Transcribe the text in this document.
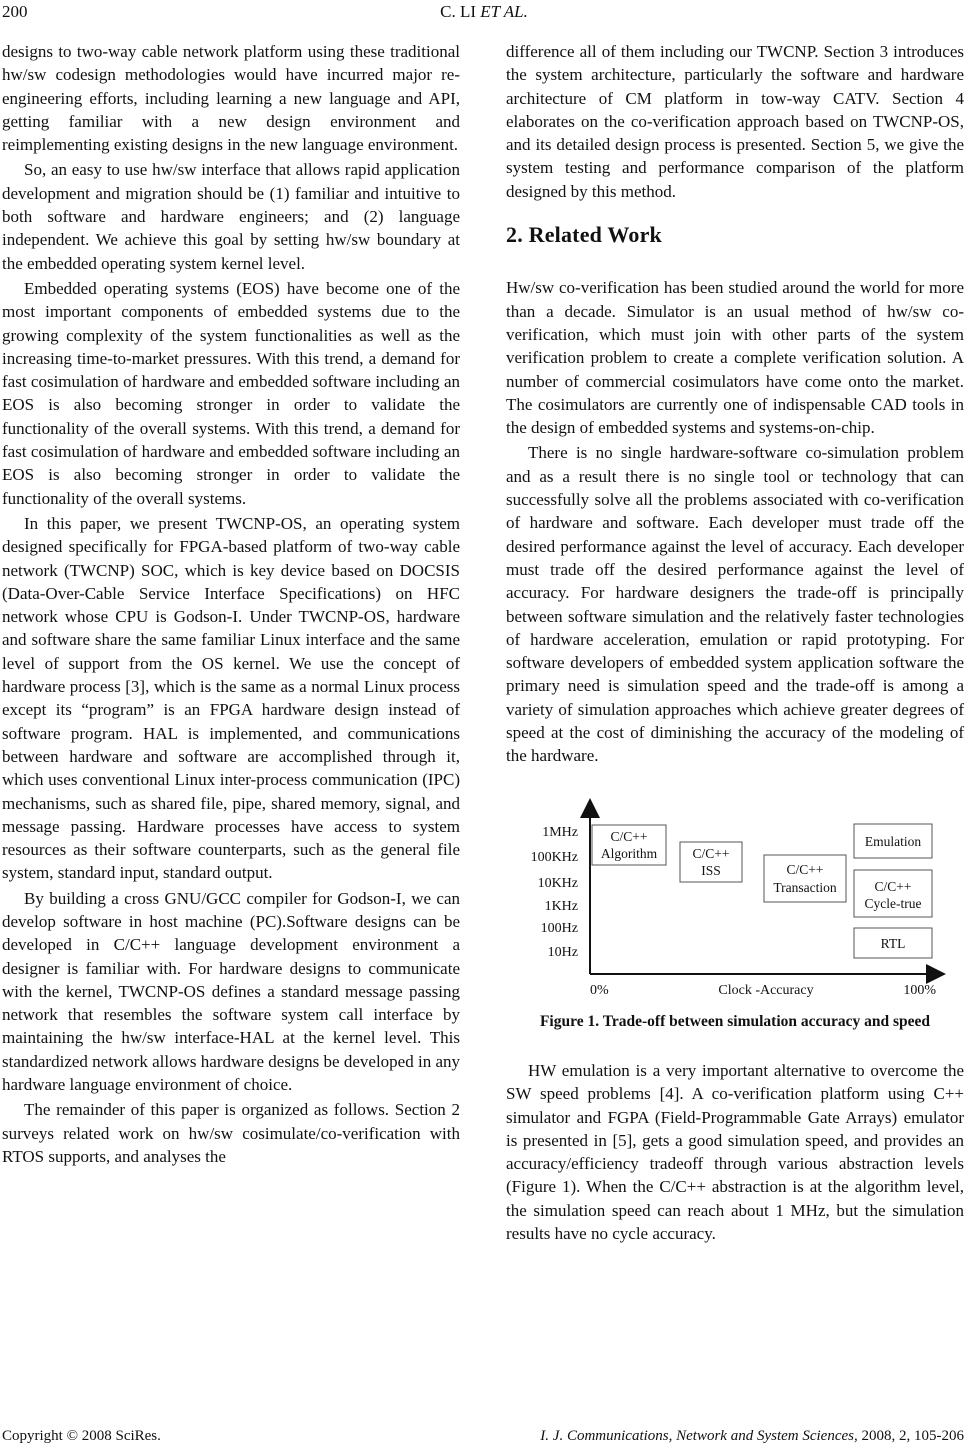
200	C. LI ET AL.

designs to two-way cable network platform using these traditional hw/sw codesign methodologies would have incurred major re-engineering efforts, including learning a new language and API, getting familiar with a new design environment and reimplementing existing designs in the new language environment.

So, an easy to use hw/sw interface that allows rapid application development and migration should be (1) familiar and intuitive to both software and hardware engineers; and (2) language independent. We achieve this goal by setting hw/sw boundary at the embedded operating system kernel level.

Embedded operating systems (EOS) have become one of the most important components of embedded systems due to the growing complexity of the system functionalities as well as the increasing time-to-market pressures. With this trend, a demand for fast cosimulation of hardware and embedded software including an EOS is also becoming stronger in order to validate the functionality of the overall systems. With this trend, a demand for fast cosimulation of hardware and embedded software including an EOS is also becoming stronger in order to validate the functionality of the overall systems.

In this paper, we present TWCNP-OS, an operating system designed specifically for FPGA-based platform of two-way cable network (TWCNP) SOC, which is key device based on DOCSIS (Data-Over-Cable Service Interface Specifications) on HFC network whose CPU is Godson-I. Under TWCNP-OS, hardware and software share the same familiar Linux interface and the same level of support from the OS kernel. We use the concept of hardware process [3], which is the same as a normal Linux process except its “program” is an FPGA hardware design instead of software program. HAL is implemented, and communications between hardware and software are accomplished through it, which uses conventional Linux inter-process communication (IPC) mechanisms, such as shared file, pipe, shared memory, signal, and message passing. Hardware processes have access to system resources as their software counterparts, such as the general file system, standard input, standard output.

By building a cross GNU/GCC compiler for Godson-I, we can develop software in host machine (PC).Software designs can be developed in C/C++ language development environment a designer is familiar with. For hardware designs to communicate with the kernel, TWCNP-OS defines a standard message passing network that resembles the software system call interface by maintaining the hw/sw interface-HAL at the kernel level. This standardized network allows hardware designs be developed in any hardware language environment of choice.

The remainder of this paper is organized as follows. Section 2 surveys related work on hw/sw cosimulate/co-verification with RTOS supports, and analyses the

difference all of them including our TWCNP. Section 3 introduces the system architecture, particularly the software and hardware architecture of CM platform in tow-way CATV. Section 4 elaborates on the co-verification approach based on TWCNP-OS, and its detailed design process is presented. Section 5, we give the system testing and performance comparison of the platform designed by this method.

2. Related Work

Hw/sw co-verification has been studied around the world for more than a decade. Simulator is an usual method of hw/sw co-verification, which must join with other parts of the system verification problem to create a complete verification solution. A number of commercial cosimulators have come onto the market. The cosimulators are currently one of indispensable CAD tools in the design of embedded systems and systems-on-chip.

There is no single hardware-software co-simulation problem and as a result there is no single tool or technology that can successfully solve all the problems associated with co-verification of hardware and software. Each developer must trade off the desired performance against the level of accuracy. Each developer must trade off the desired performance against the level of accuracy. For hardware designers the trade-off is principally between software simulation and the relatively faster technologies of hardware acceleration, emulation or rapid prototyping. For software developers of embedded system application software the primary need is simulation speed and the trade-off is among a variety of simulation approaches which achieve greater degrees of speed at the cost of diminishing the accuracy of the modeling of the hardware.

1MHz
100KHz
10KHz
1KHz
100Hz
10Hz
0%	Clock -Accuracy	100%
C/C++
Algorithm	C/C++
ISS	C/C++
Transaction
Emulation
C/C++
Cycle-true
RTL

Figure 1. Trade-off between simulation accuracy and speed

HW emulation is a very important alternative to overcome the SW speed problems [4]. A co-verification platform using C++ simulator and FGPA (Field-Programmable Gate Arrays) emulator is presented in [5], gets a good simulation speed, and provides an accuracy/efficiency tradeoff through various abstraction levels (Figure 1). When the C/C++ abstraction is at the algorithm level, the simulation speed can reach about 1 MHz, but the simulation results have no cycle accuracy.

Copyright © 2008 SciRes.	I. J. Communications, Network and System Sciences, 2008, 2, 105-206
